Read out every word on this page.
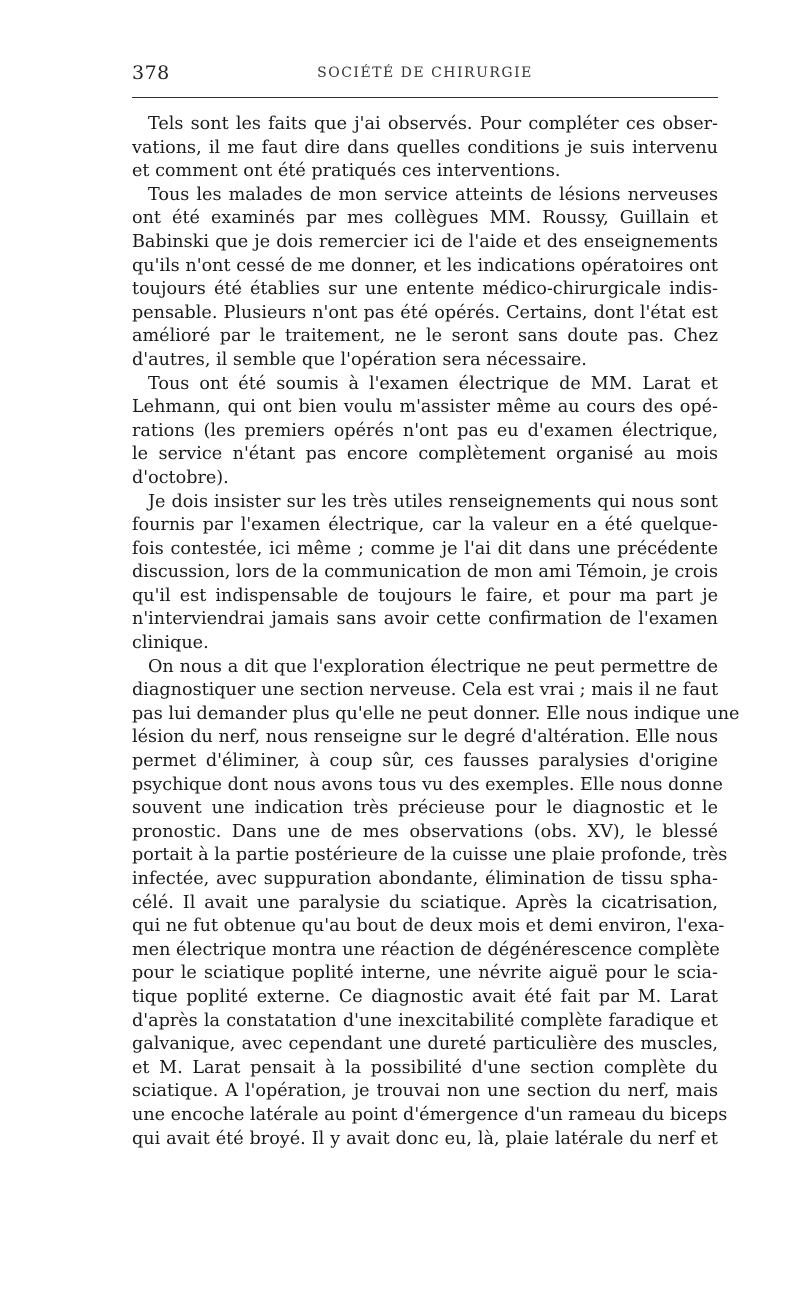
378	SOCIÉTÉ DE CHIRURGIE
Tels sont les faits que j'ai observés. Pour compléter ces obser-
vations, il me faut dire dans quelles conditions je suis intervenu
et comment ont été pratiqués ces interventions.
Tous les malades de mon service atteints de lésions nerveuses
ont été examinés par mes collègues MM. Roussy, Guillain et
Babinski que je dois remercier ici de l'aide et des enseignements
qu'ils n'ont cessé de me donner, et les indications opératoires ont
toujours été établies sur une entente médico-chirurgicale indis-
pensable. Plusieurs n'ont pas été opérés. Certains, dont l'état est
amélioré par le traitement, ne le seront sans doute pas. Chez
d'autres, il semble que l'opération sera nécessaire.
Tous ont été soumis à l'examen électrique de MM. Larat et
Lehmann, qui ont bien voulu m'assister même au cours des opé-
rations (les premiers opérés n'ont pas eu d'examen électrique,
le service n'étant pas encore complètement organisé au mois
d'octobre).
Je dois insister sur les très utiles renseignements qui nous sont
fournis par l'examen électrique, car la valeur en a été quelque-
fois contestée, ici même ; comme je l'ai dit dans une précédente
discussion, lors de la communication de mon ami Témoin, je crois
qu'il est indispensable de toujours le faire, et pour ma part je
n'interviendrai jamais sans avoir cette confirmation de l'examen
clinique.
On nous a dit que l'exploration électrique ne peut permettre de
diagnostiquer une section nerveuse. Cela est vrai ; mais il ne faut
pas lui demander plus qu'elle ne peut donner. Elle nous indique une
lésion du nerf, nous renseigne sur le degré d'altération. Elle nous
permet d'éliminer, à coup sûr, ces fausses paralysies d'origine
psychique dont nous avons tous vu des exemples. Elle nous donne
souvent une indication très précieuse pour le diagnostic et le
pronostic. Dans une de mes observations (obs. XV), le blessé
portait à la partie postérieure de la cuisse une plaie profonde, très
infectée, avec suppuration abondante, élimination de tissu spha-
célé. Il avait une paralysie du sciatique. Après la cicatrisation,
qui ne fut obtenue qu'au bout de deux mois et demi environ, l'exa-
men électrique montra une réaction de dégénérescence complète
pour le sciatique poplité interne, une névrite aiguë pour le scia-
tique poplité externe. Ce diagnostic avait été fait par M. Larat
d'après la constatation d'une inexcitabilité complète faradique et
galvanique, avec cependant une dureté particulière des muscles,
et M. Larat pensait à la possibilité d'une section complète du
sciatique. A l'opération, je trouvai non une section du nerf, mais
une encoche latérale au point d'émergence d'un rameau du biceps
qui avait été broyé. Il y avait donc eu, là, plaie latérale du nerf et
